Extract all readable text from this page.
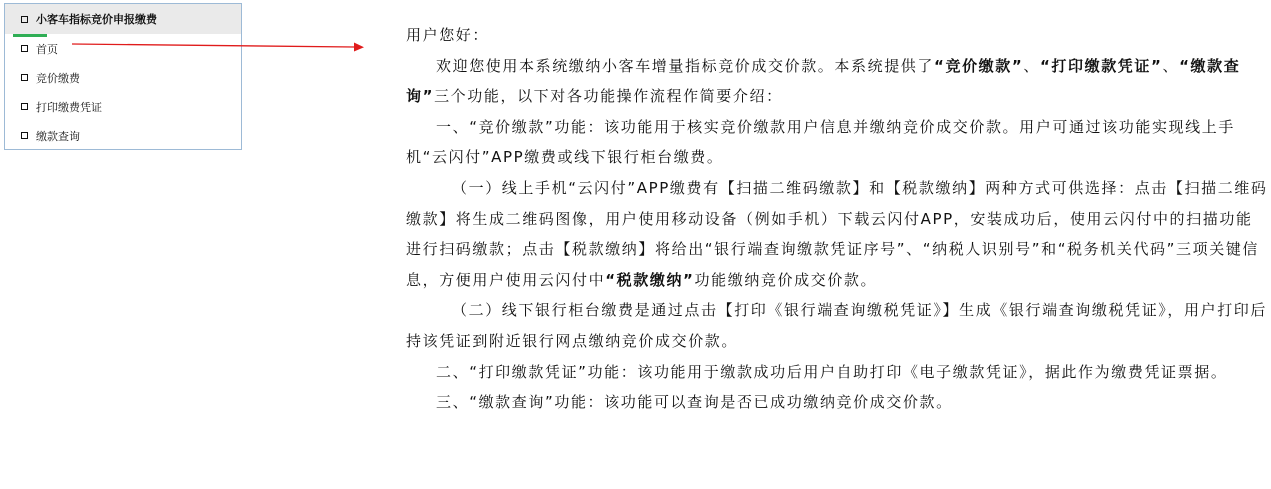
小客车指标竞价申报缴费
首页
竞价缴费
打印缴费凭证
缴款查询

用户您好：

欢迎您使用本系统缴纳小客车增量指标竞价成交价款。本系统提供了“竞价缴款”、“打印缴款凭证”、“缴款查询”三个功能，以下对各功能操作流程作简要介绍：

一、“竞价缴款”功能：该功能用于核实竞价缴款用户信息并缴纳竞价成交价款。用户可通过该功能实现线上手机“云闪付”APP缴费或线下银行柜台缴费。

（一）线上手机“云闪付”APP缴费有【扫描二维码缴款】和【税款缴纳】两种方式可供选择：点击【扫描二维码缴款】将生成二维码图像，用户使用移动设备（例如手机）下载云闪付APP，安装成功后，使用云闪付中的扫描功能进行扫码缴款；点击【税款缴纳】将给出“银行端查询缴款凭证序号”、“纳税人识别号”和“税务机关代码”三项关键信息，方便用户使用云闪付中“税款缴纳”功能缴纳竞价成交价款。

（二）线下银行柜台缴费是通过点击【打印《银行端查询缴税凭证》】生成《银行端查询缴税凭证》，用户打印后持该凭证到附近银行网点缴纳竞价成交价款。

二、“打印缴款凭证”功能：该功能用于缴款成功后用户自助打印《电子缴款凭证》，据此作为缴费凭证票据。

三、“缴款查询”功能：该功能可以查询是否已成功缴纳竞价成交价款。
